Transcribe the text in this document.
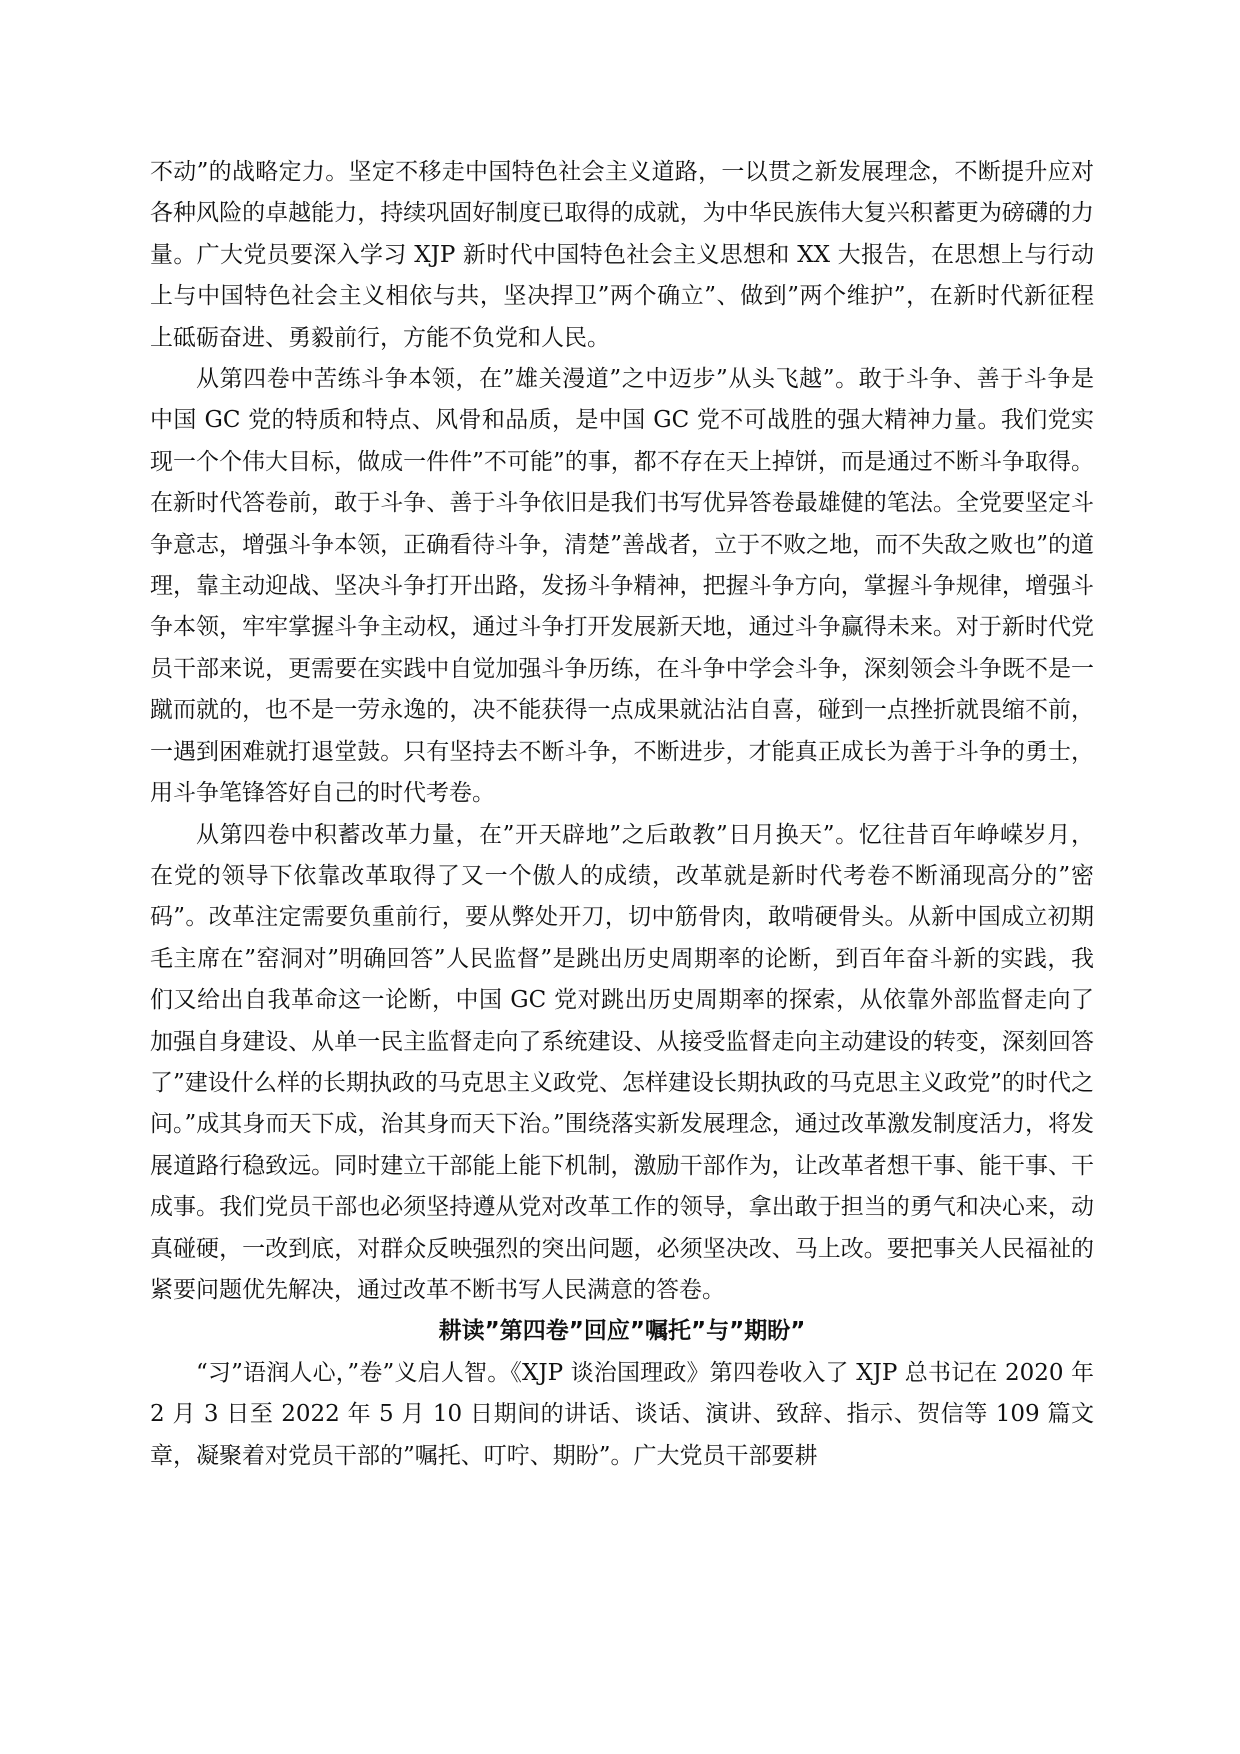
不动”的战略定力。坚定不移走中国特色社会主义道路，一以贯之新发展理念，不断提升应对各种风险的卓越能力，持续巩固好制度已取得的成就，为中华民族伟大复兴积蓄更为磅礴的力量。广大党员要深入学习 XJP 新时代中国特色社会主义思想和 XX 大报告，在思想上与行动上与中国特色社会主义相依与共，坚决捍卫”两个确立”、做到”两个维护”，在新时代新征程上砥砺奋进、勇毅前行，方能不负党和人民。

从第四卷中苦练斗争本领，在”雄关漫道”之中迈步”从头飞越”。敢于斗争、善于斗争是中国 GC 党的特质和特点、风骨和品质，是中国 GC 党不可战胜的强大精神力量。我们党实现一个个伟大目标，做成一件件”不可能”的事，都不存在天上掉饼，而是通过不断斗争取得。在新时代答卷前，敢于斗争、善于斗争依旧是我们书写优异答卷最雄健的笔法。全党要坚定斗争意志，增强斗争本领，正确看待斗争，清楚”善战者，立于不败之地，而不失敌之败也”的道理，靠主动迎战、坚决斗争打开出路，发扬斗争精神，把握斗争方向，掌握斗争规律，增强斗争本领，牢牢掌握斗争主动权，通过斗争打开发展新天地，通过斗争赢得未来。对于新时代党员干部来说，更需要在实践中自觉加强斗争历练，在斗争中学会斗争，深刻领会斗争既不是一蹴而就的，也不是一劳永逸的，决不能获得一点成果就沾沾自喜，碰到一点挫折就畏缩不前，一遇到困难就打退堂鼓。只有坚持去不断斗争，不断进步，才能真正成长为善于斗争的勇士，用斗争笔锋答好自己的时代考卷。

从第四卷中积蓄改革力量，在”开天辟地”之后敢教”日月换天”。忆往昔百年峥嵘岁月，在党的领导下依靠改革取得了又一个傲人的成绩，改革就是新时代考卷不断涌现高分的”密码”。改革注定需要负重前行，要从弊处开刀，切中筋骨肉，敢啃硬骨头。从新中国成立初期毛主席在”窑洞对”明确回答”人民监督”是跳出历史周期率的论断，到百年奋斗新的实践，我们又给出自我革命这一论断，中国 GC 党对跳出历史周期率的探索，从依靠外部监督走向了加强自身建设、从单一民主监督走向了系统建设、从接受监督走向主动建设的转变，深刻回答了”建设什么样的长期执政的马克思主义政党、怎样建设长期执政的马克思主义政党”的时代之问。”成其身而天下成，治其身而天下治。”围绕落实新发展理念，通过改革激发制度活力，将发展道路行稳致远。同时建立干部能上能下机制，激励干部作为，让改革者想干事、能干事、干成事。我们党员干部也必须坚持遵从党对改革工作的领导，拿出敢于担当的勇气和决心来，动真碰硬，一改到底，对群众反映强烈的突出问题，必须坚决改、马上改。要把事关人民福祉的紧要问题优先解决，通过改革不断书写人民满意的答卷。

耕读”第四卷”回应”嘱托”与”期盼”

“习”语润人心，”卷”义启人智。《XJP 谈治国理政》第四卷收入了 XJP 总书记在 2020 年 2 月 3 日至 2022 年 5 月 10 日期间的讲话、谈话、演讲、致辞、指示、贺信等 109 篇文章，凝聚着对党员干部的”嘱托、叮咛、期盼”。广大党员干部要耕
